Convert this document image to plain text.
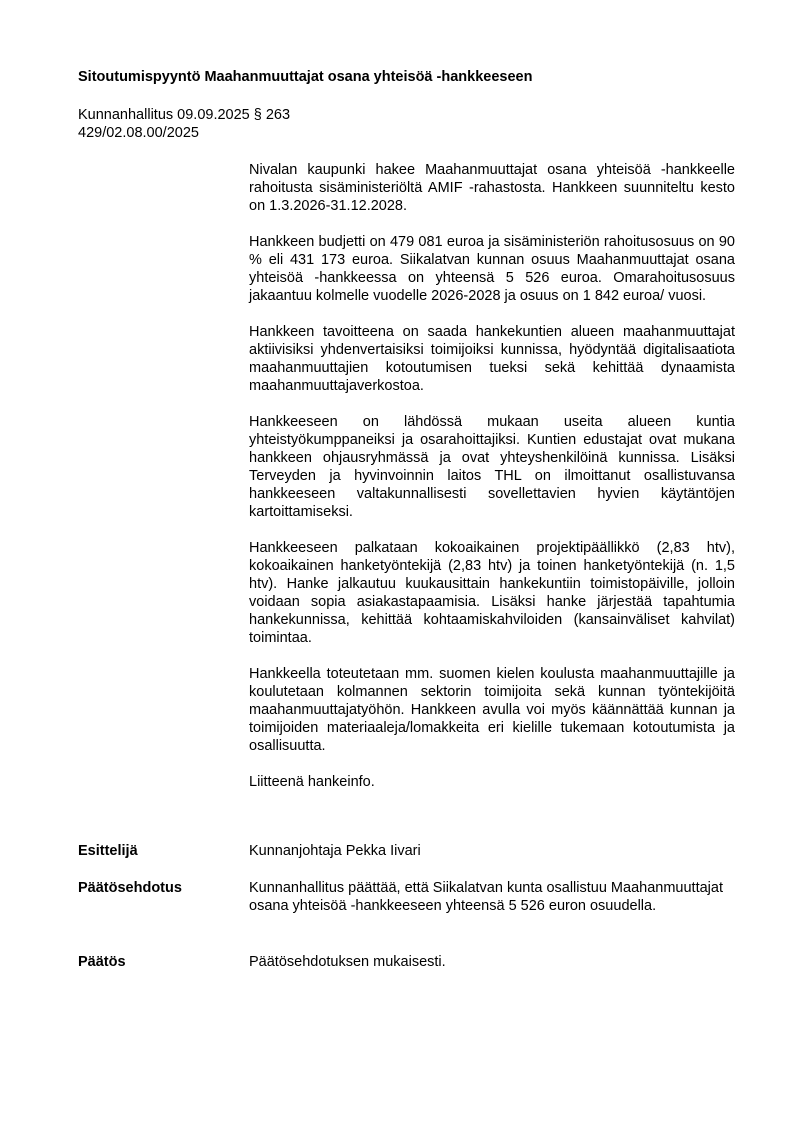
Sitoutumispyyntö Maahanmuuttajat osana yhteisöä -hankkeeseen
Kunnanhallitus 09.09.2025 § 263
429/02.08.00/2025

Nivalan kaupunki hakee Maahanmuuttajat osana yhteisöä -hankkeelle rahoitusta sisäministeriöltä AMIF -rahastosta. Hankkeen suunniteltu kesto on 1.3.2026-31.12.2028.

Hankkeen budjetti on 479 081 euroa ja sisäministeriön rahoitusosuus on 90 % eli 431 173 euroa. Siikalatvan kunnan osuus Maahanmuuttajat osana yhteisöä -hankkeessa on yhteensä 5 526 euroa. Omarahoitusosuus jakaantuu kolmelle vuodelle 2026-2028 ja osuus on 1 842 euroa/ vuosi.

Hankkeen tavoitteena on saada hankekuntien alueen maahanmuuttajat aktiivisiksi yhdenvertaisiksi toimijoiksi kunnissa, hyödyntää digitalisaatiota maahanmuuttajien kotoutumisen tueksi sekä kehittää dynaamista maahanmuuttajaverkostoa.

Hankkeeseen on lähdössä mukaan useita alueen kuntia yhteistyökumppaneiksi ja osarahoittajiksi. Kuntien edustajat ovat mukana hankkeen ohjausryhmässä ja ovat yhteyshenkilöinä kunnissa. Lisäksi Terveyden ja hyvinvoinnin laitos THL on ilmoittanut osallistuvansa hankkeeseen valtakunnallisesti sovellettavien hyvien käytäntöjen kartoittamiseksi.

Hankkeeseen palkataan kokoaikainen projektipäällikkö (2,83 htv), kokoaikainen hanketyöntekijä (2,83 htv) ja toinen hanketyöntekijä (n. 1,5 htv). Hanke jalkautuu kuukausittain hankekuntiin toimistopäiville, jolloin voidaan sopia asiakastapaamisia. Lisäksi hanke järjestää tapahtumia hankekunnissa, kehittää kohtaamiskahviloiden (kansainväliset kahvilat) toimintaa.

Hankkeella toteutetaan mm. suomen kielen koulusta maahanmuuttajille ja koulutetaan kolmannen sektorin toimijoita sekä kunnan työntekijöitä maahanmuuttajatyöhön. Hankkeen avulla voi myös käännättää kunnan ja toimijoiden materiaaleja/lomakkeita eri kielille tukemaan kotoutumista ja osallisuutta.

Liitteenä hankeinfo.

Esittelijä	Kunnanjohtaja Pekka Iivari
Päätösehdotus	Kunnanhallitus päättää, että Siikalatvan kunta osallistuu Maahanmuuttajat osana yhteisöä -hankkeeseen yhteensä 5 526 euron osuudella.
Päätös	Päätösehdotuksen mukaisesti.
